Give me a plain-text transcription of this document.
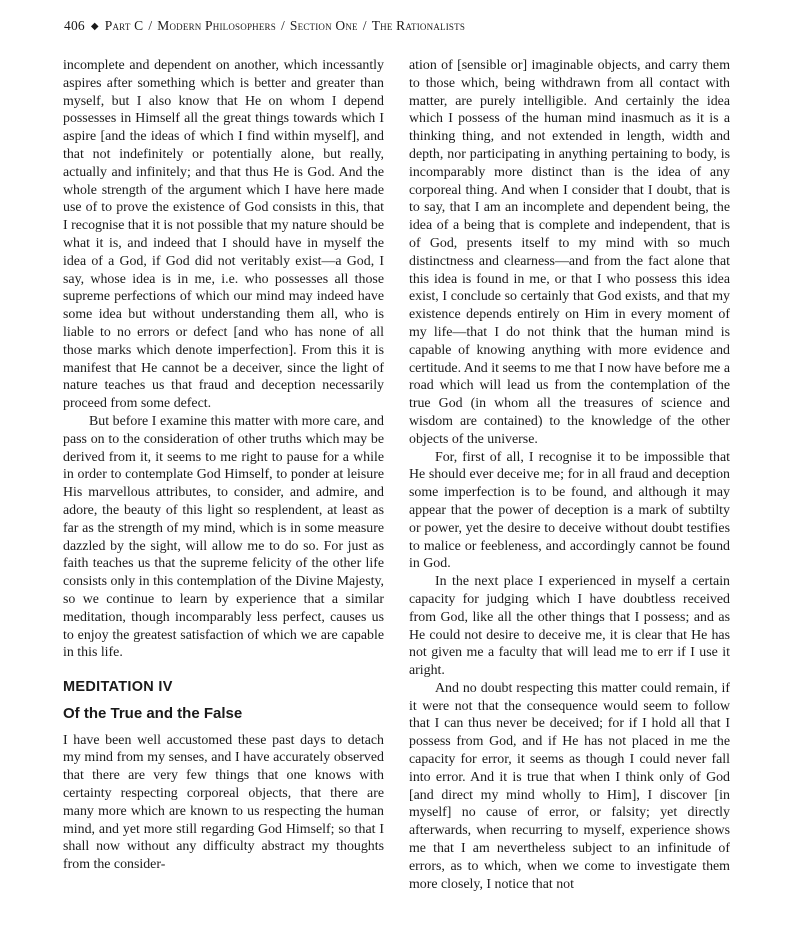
406 ◆ Part C / Modern Philosophers / Section One / The Rationalists

incomplete and dependent on another, which incessantly aspires after something which is better and greater than myself, but I also know that He on whom I depend possesses in Himself all the great things towards which I aspire [and the ideas of which I find within myself], and that not indefinitely or potentially alone, but really, actually and infinitely; and that thus He is God. And the whole strength of the argument which I have here made use of to prove the existence of God consists in this, that I recognise that it is not possible that my nature should be what it is, and indeed that I should have in myself the idea of a God, if God did not veritably exist—a God, I say, whose idea is in me, i.e. who possesses all those supreme perfections of which our mind may indeed have some idea but without understanding them all, who is liable to no errors or defect [and who has none of all those marks which denote imperfection]. From this it is manifest that He cannot be a deceiver, since the light of nature teaches us that fraud and deception necessarily proceed from some defect.

But before I examine this matter with more care, and pass on to the consideration of other truths which may be derived from it, it seems to me right to pause for a while in order to contemplate God Himself, to ponder at leisure His marvellous attributes, to consider, and admire, and adore, the beauty of this light so resplendent, at least as far as the strength of my mind, which is in some measure dazzled by the sight, will allow me to do so. For just as faith teaches us that the supreme felicity of the other life consists only in this contemplation of the Divine Majesty, so we continue to learn by experience that a similar meditation, though incomparably less perfect, causes us to enjoy the greatest satisfaction of which we are capable in this life.

MEDITATION IV
Of the True and the False

I have been well accustomed these past days to detach my mind from my senses, and I have accurately observed that there are very few things that one knows with certainty respecting corporeal objects, that there are many more which are known to us respecting the human mind, and yet more still regarding God Himself; so that I shall now without any difficulty abstract my thoughts from the consider-

ation of [sensible or] imaginable objects, and carry them to those which, being withdrawn from all contact with matter, are purely intelligible. And certainly the idea which I possess of the human mind inasmuch as it is a thinking thing, and not extended in length, width and depth, nor participating in anything pertaining to body, is incomparably more distinct than is the idea of any corporeal thing. And when I consider that I doubt, that is to say, that I am an incomplete and dependent being, the idea of a being that is complete and independent, that is of God, presents itself to my mind with so much distinctness and clearness—and from the fact alone that this idea is found in me, or that I who possess this idea exist, I conclude so certainly that God exists, and that my existence depends entirely on Him in every moment of my life—that I do not think that the human mind is capable of knowing anything with more evidence and certitude. And it seems to me that I now have before me a road which will lead us from the contemplation of the true God (in whom all the treasures of science and wisdom are contained) to the knowledge of the other objects of the universe.

For, first of all, I recognise it to be impossible that He should ever deceive me; for in all fraud and deception some imperfection is to be found, and although it may appear that the power of deception is a mark of subtilty or power, yet the desire to deceive without doubt testifies to malice or feebleness, and accordingly cannot be found in God.

In the next place I experienced in myself a certain capacity for judging which I have doubtless received from God, like all the other things that I possess; and as He could not desire to deceive me, it is clear that He has not given me a faculty that will lead me to err if I use it aright.

And no doubt respecting this matter could remain, if it were not that the consequence would seem to follow that I can thus never be deceived; for if I hold all that I possess from God, and if He has not placed in me the capacity for error, it seems as though I could never fall into error. And it is true that when I think only of God [and direct my mind wholly to Him], I discover [in myself] no cause of error, or falsity; yet directly afterwards, when recurring to myself, experience shows me that I am nevertheless subject to an infinitude of errors, as to which, when we come to investigate them more closely, I notice that not
